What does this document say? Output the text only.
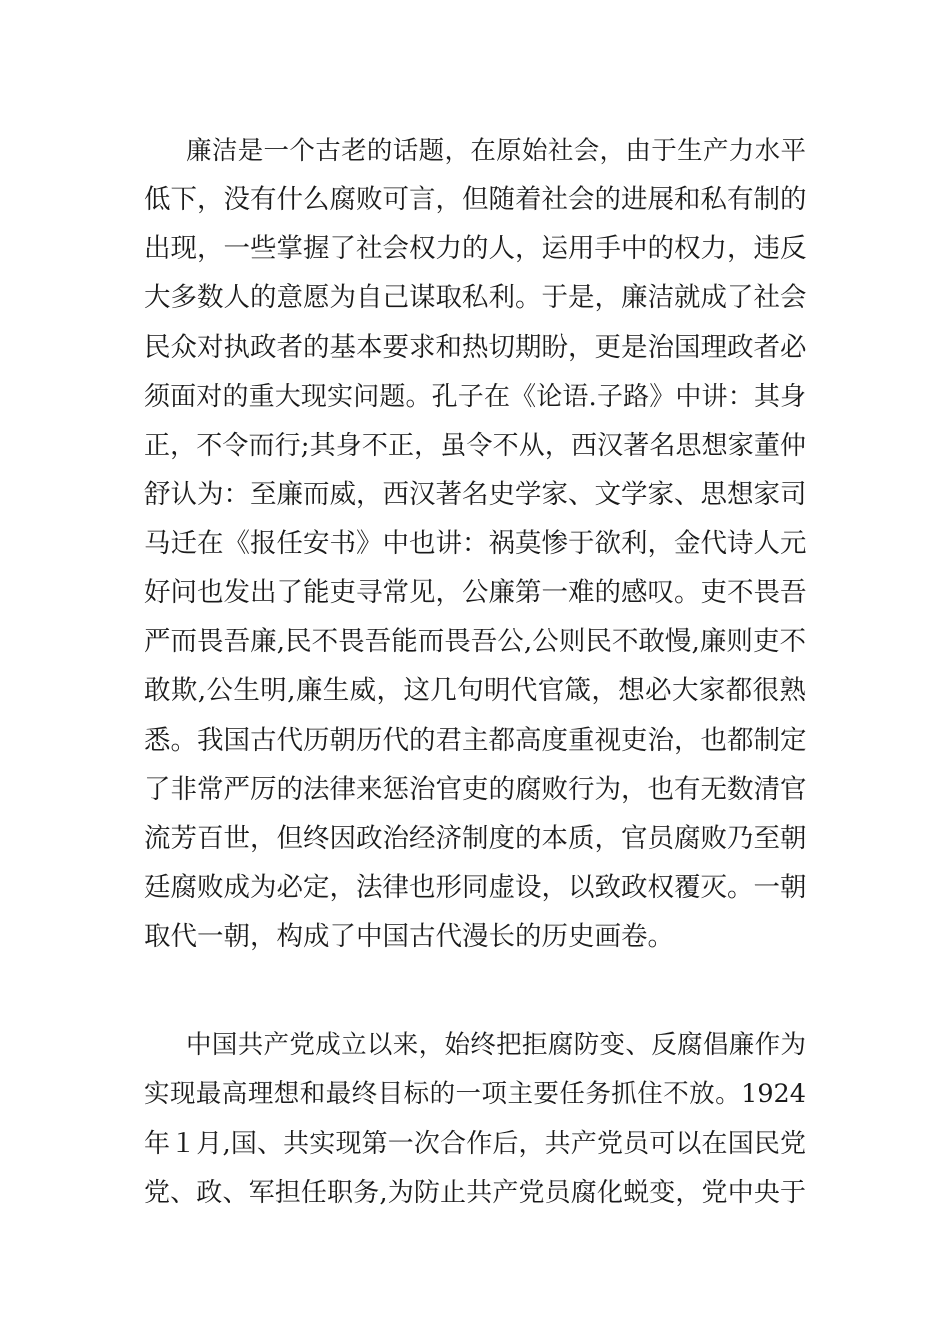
廉洁是一个古老的话题，在原始社会，由于生产力水平
低下，没有什么腐败可言，但随着社会的进展和私有制的
出现，一些掌握了社会权力的人，运用手中的权力，违反
大多数人的意愿为自己谋取私利。于是，廉洁就成了社会
民众对执政者的基本要求和热切期盼，更是治国理政者必
须面对的重大现实问题。孔子在《论语.子路》中讲：其身
正，不令而行;其身不正，虽令不从，西汉著名思想家董仲
舒认为：至廉而威，西汉著名史学家、文学家、思想家司
马迁在《报任安书》中也讲：祸莫惨于欲利，金代诗人元
好问也发出了能吏寻常见，公廉第一难的感叹。吏不畏吾
严而畏吾廉,民不畏吾能而畏吾公,公则民不敢慢,廉则吏不
敢欺,公生明,廉生威，这几句明代官箴，想必大家都很熟
悉。我国古代历朝历代的君主都高度重视吏治，也都制定
了非常严厉的法律来惩治官吏的腐败行为，也有无数清官
流芳百世，但终因政治经济制度的本质，官员腐败乃至朝
廷腐败成为必定，法律也形同虚设，以致政权覆灭。一朝
取代一朝，构成了中国古代漫长的历史画卷。
中国共产党成立以来，始终把拒腐防变、反腐倡廉作为
实现最高理想和最终目标的一项主要任务抓住不放。1924
年１月,国、共实现第一次合作后，共产党员可以在国民党
党、政、军担任职务,为防止共产党员腐化蜕变，党中央于
